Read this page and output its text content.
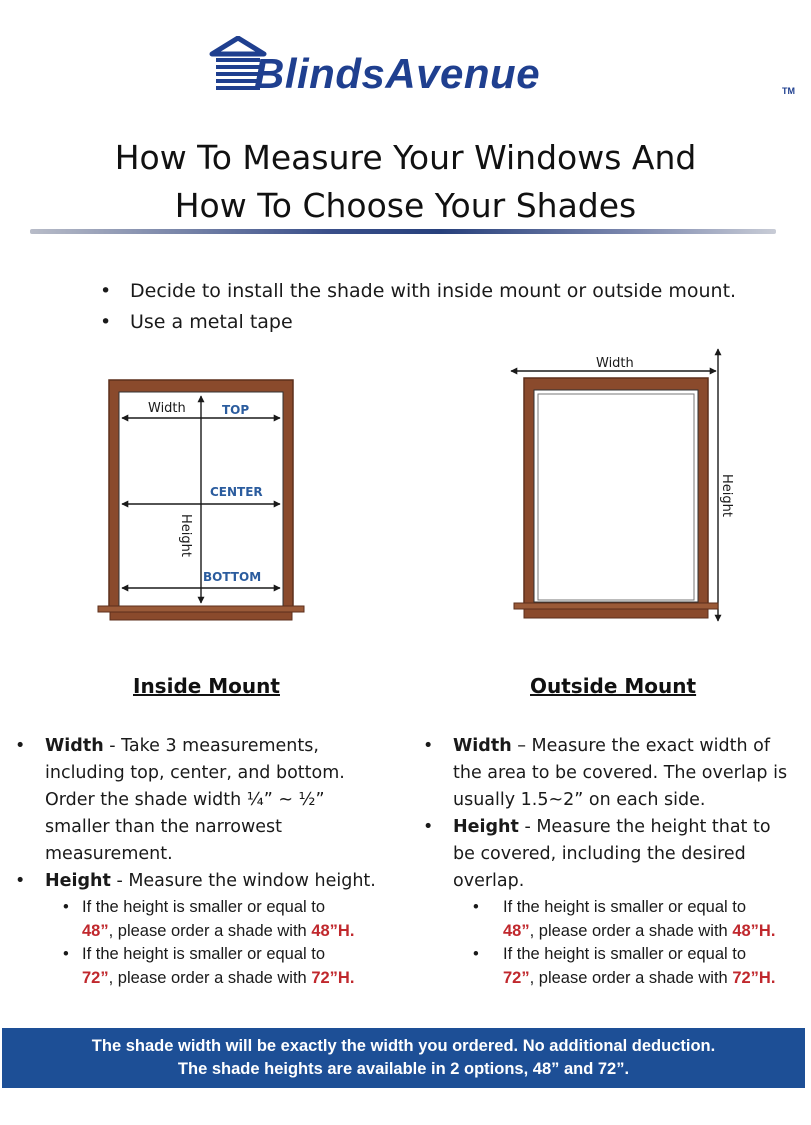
BlindsAvenue	TM
How To Measure Your Windows And
How To Choose Your Shades
• Decide to install the shade with inside mount or outside mount.
• Use a metal tape
Width	TOP
CENTER
BOTTOM
Height
Width
Height
Inside Mount	Outside Mount
• Width - Take 3 measurements,
including top, center, and bottom.
Order the shade width ¼” ~ ½”
smaller than the narrowest
measurement.
• Height - Measure the window height.
• If the height is smaller or equal to
48”, please order a shade with 48”H.
• If the height is smaller or equal to
72”, please order a shade with 72”H.
• Width – Measure the exact width of
the area to be covered. The overlap is
usually 1.5~2” on each side.
• Height - Measure the height that to
be covered, including the desired
overlap.
• If the height is smaller or equal to
48”, please order a shade with 48”H.
• If the height is smaller or equal to
72”, please order a shade with 72”H.
The shade width will be exactly the width you ordered. No additional deduction.
The shade heights are available in 2 options, 48” and 72”.
